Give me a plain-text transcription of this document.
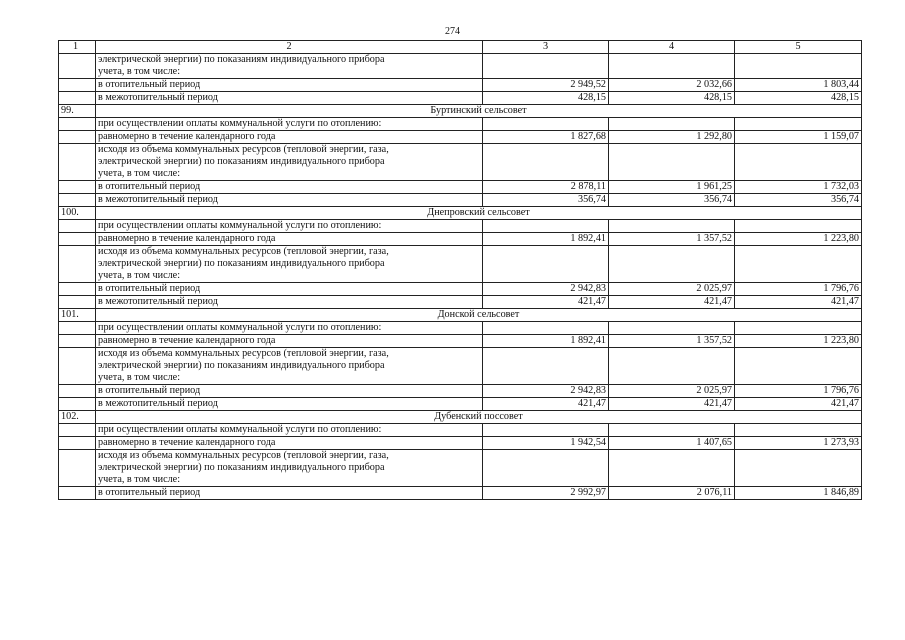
274
1	2	3	4	5
	электрической энергии) по показаниям индивидуального прибора
учета, в том числе:			
	в отопительный период	2 949,52	2 032,66	1 803,44
	в межотопительный период	428,15	428,15	428,15
99.	Буртинский сельсовет			
	при осуществлении оплаты коммунальной услуги по отоплению:			
	равномерно в течение календарного года	1 827,68	1 292,80	1 159,07
	исходя из объема коммунальных ресурсов (тепловой энергии, газа,
электрической энергии) по показаниям индивидуального прибора
учета, в том числе:			
	в отопительный период	2 878,11	1 961,25	1 732,03
	в межотопительный период	356,74	356,74	356,74
100.	Днепровский сельсовет			
	при осуществлении оплаты коммунальной услуги по отоплению:			
	равномерно в течение календарного года	1 892,41	1 357,52	1 223,80
	исходя из объема коммунальных ресурсов (тепловой энергии, газа,
электрической энергии) по показаниям индивидуального прибора
учета, в том числе:			
	в отопительный период	2 942,83	2 025,97	1 796,76
	в межотопительный период	421,47	421,47	421,47
101.	Донской сельсовет			
	при осуществлении оплаты коммунальной услуги по отоплению:			
	равномерно в течение календарного года	1 892,41	1 357,52	1 223,80
	исходя из объема коммунальных ресурсов (тепловой энергии, газа,
электрической энергии) по показаниям индивидуального прибора
учета, в том числе:			
	в отопительный период	2 942,83	2 025,97	1 796,76
	в межотопительный период	421,47	421,47	421,47
102.	Дубенский поссовет			
	при осуществлении оплаты коммунальной услуги по отоплению:			
	равномерно в течение календарного года	1 942,54	1 407,65	1 273,93
	исходя из объема коммунальных ресурсов (тепловой энергии, газа,
электрической энергии) по показаниям индивидуального прибора
учета, в том числе:			
	в отопительный период	2 992,97	2 076,11	1 846,89
